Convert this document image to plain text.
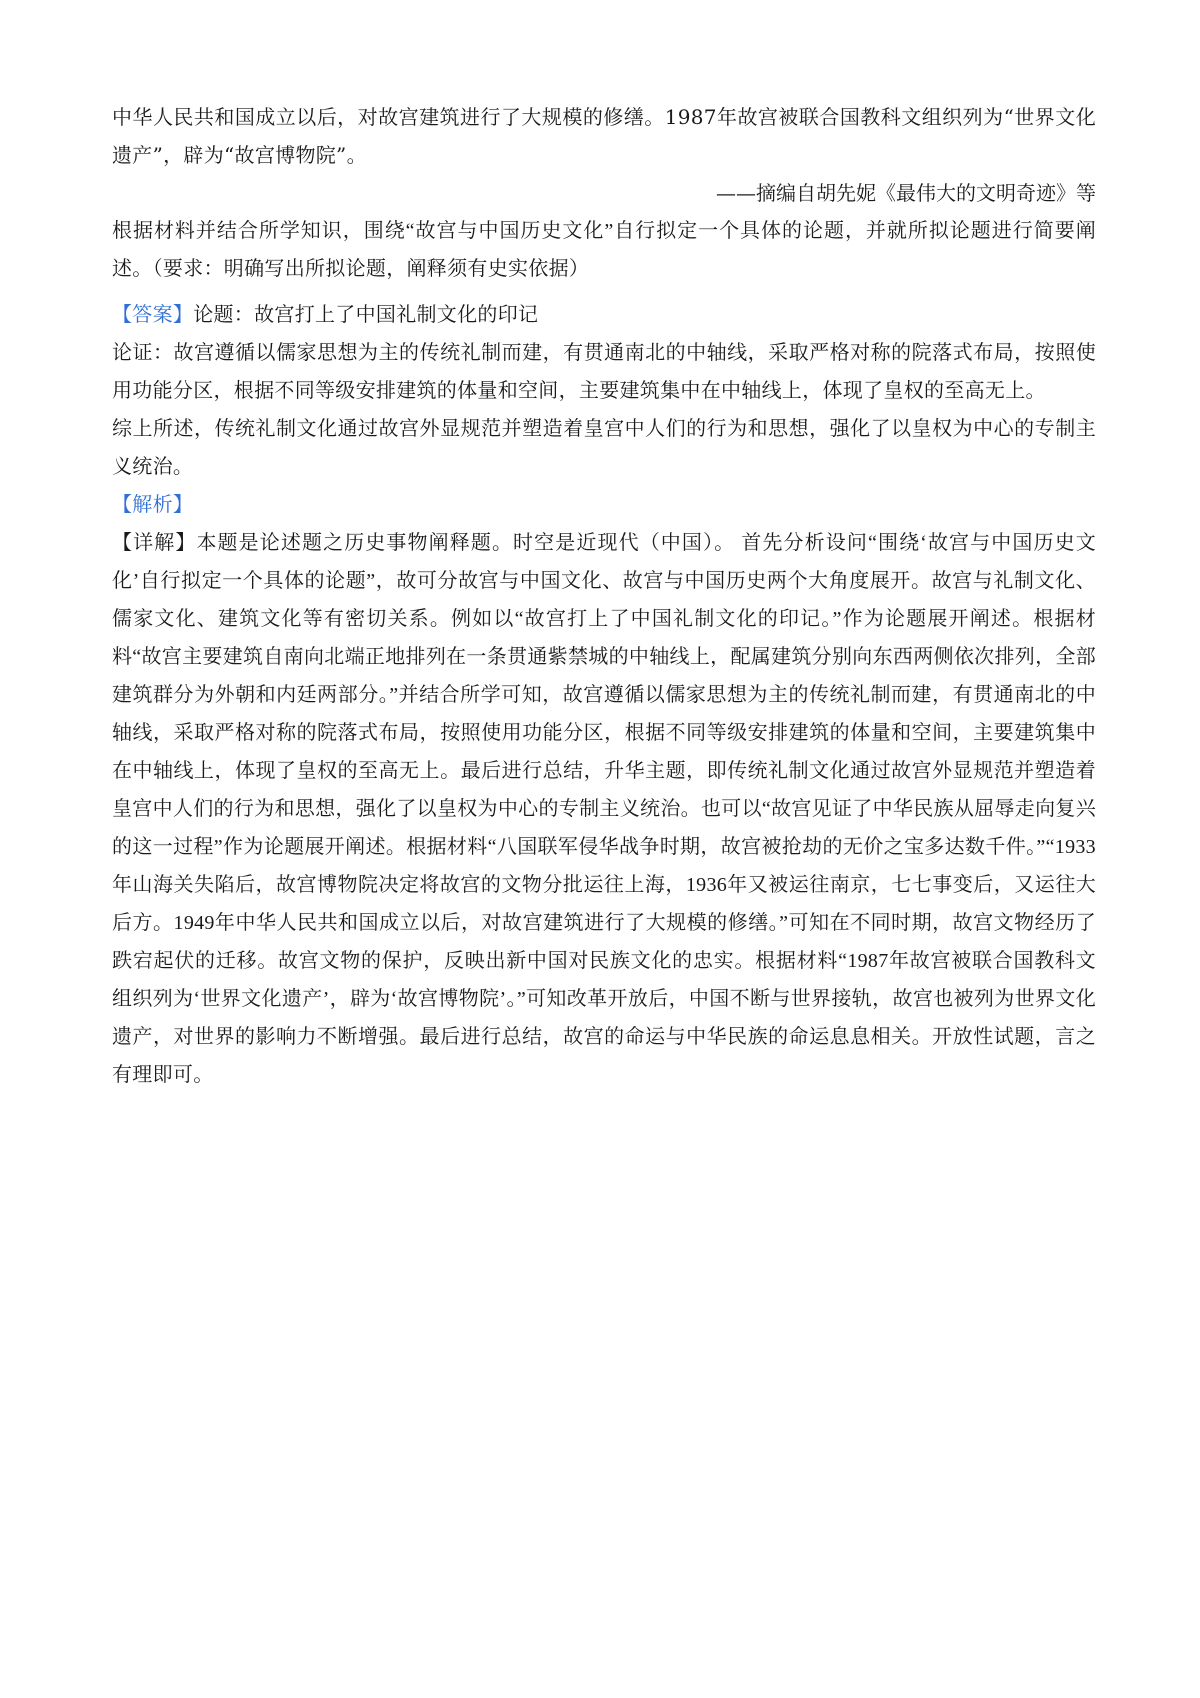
中华人民共和国成立以后，对故宫建筑进行了大规模的修缮。1987年故宫被联合国教科文组织列为“世界文化遗产”，辟为“故宫博物院”。

——摘编自胡先妮《最伟大的文明奇迹》等

根据材料并结合所学知识，围绕“故宫与中国历史文化”自行拟定一个具体的论题，并就所拟论题进行简要阐述。（要求：明确写出所拟论题，阐释须有史实依据）

【答案】论题：故宫打上了中国礼制文化的印记

论证：故宫遵循以儒家思想为主的传统礼制而建，有贯通南北的中轴线，采取严格对称的院落式布局，按照使用功能分区，根据不同等级安排建筑的体量和空间，主要建筑集中在中轴线上，体现了皇权的至高无上。

综上所述，传统礼制文化通过故宫外显规范并塑造着皇宫中人们的行为和思想，强化了以皇权为中心的专制主义统治。

【解析】

【详解】本题是论述题之历史事物阐释题。时空是近现代（中国）。 首先分析设问“围绕‘故宫与中国历史文化’自行拟定一个具体的论题”，故可分故宫与中国文化、故宫与中国历史两个大角度展开。故宫与礼制文化、儒家文化、建筑文化等有密切关系。例如以“故宫打上了中国礼制文化的印记。”作为论题展开阐述。根据材料“故宫主要建筑自南向北端正地排列在一条贯通紫禁城的中轴线上，配属建筑分别向东西两侧依次排列，全部建筑群分为外朝和内廷两部分。”并结合所学可知，故宫遵循以儒家思想为主的传统礼制而建，有贯通南北的中轴线，采取严格对称的院落式布局，按照使用功能分区，根据不同等级安排建筑的体量和空间，主要建筑集中在中轴线上，体现了皇权的至高无上。最后进行总结，升华主题，即传统礼制文化通过故宫外显规范并塑造着皇宫中人们的行为和思想，强化了以皇权为中心的专制主义统治。也可以“故宫见证了中华民族从屈辱走向复兴的这一过程”作为论题展开阐述。根据材料“八国联军侵华战争时期，故宫被抢劫的无价之宝多达数千件。”“1933年山海关失陷后，故宫博物院决定将故宫的文物分批运往上海，1936年又被运往南京，七七事变后，又运往大后方。1949年中华人民共和国成立以后，对故宫建筑进行了大规模的修缮。”可知在不同时期，故宫文物经历了跌宕起伏的迁移。故宫文物的保护，反映出新中国对民族文化的忠实。根据材料“1987年故宫被联合国教科文组织列为‘世界文化遗产’，辟为‘故宫博物院’。”可知改革开放后，中国不断与世界接轨，故宫也被列为世界文化遗产，对世界的影响力不断增强。最后进行总结，故宫的命运与中华民族的命运息息相关。开放性试题，言之有理即可。
